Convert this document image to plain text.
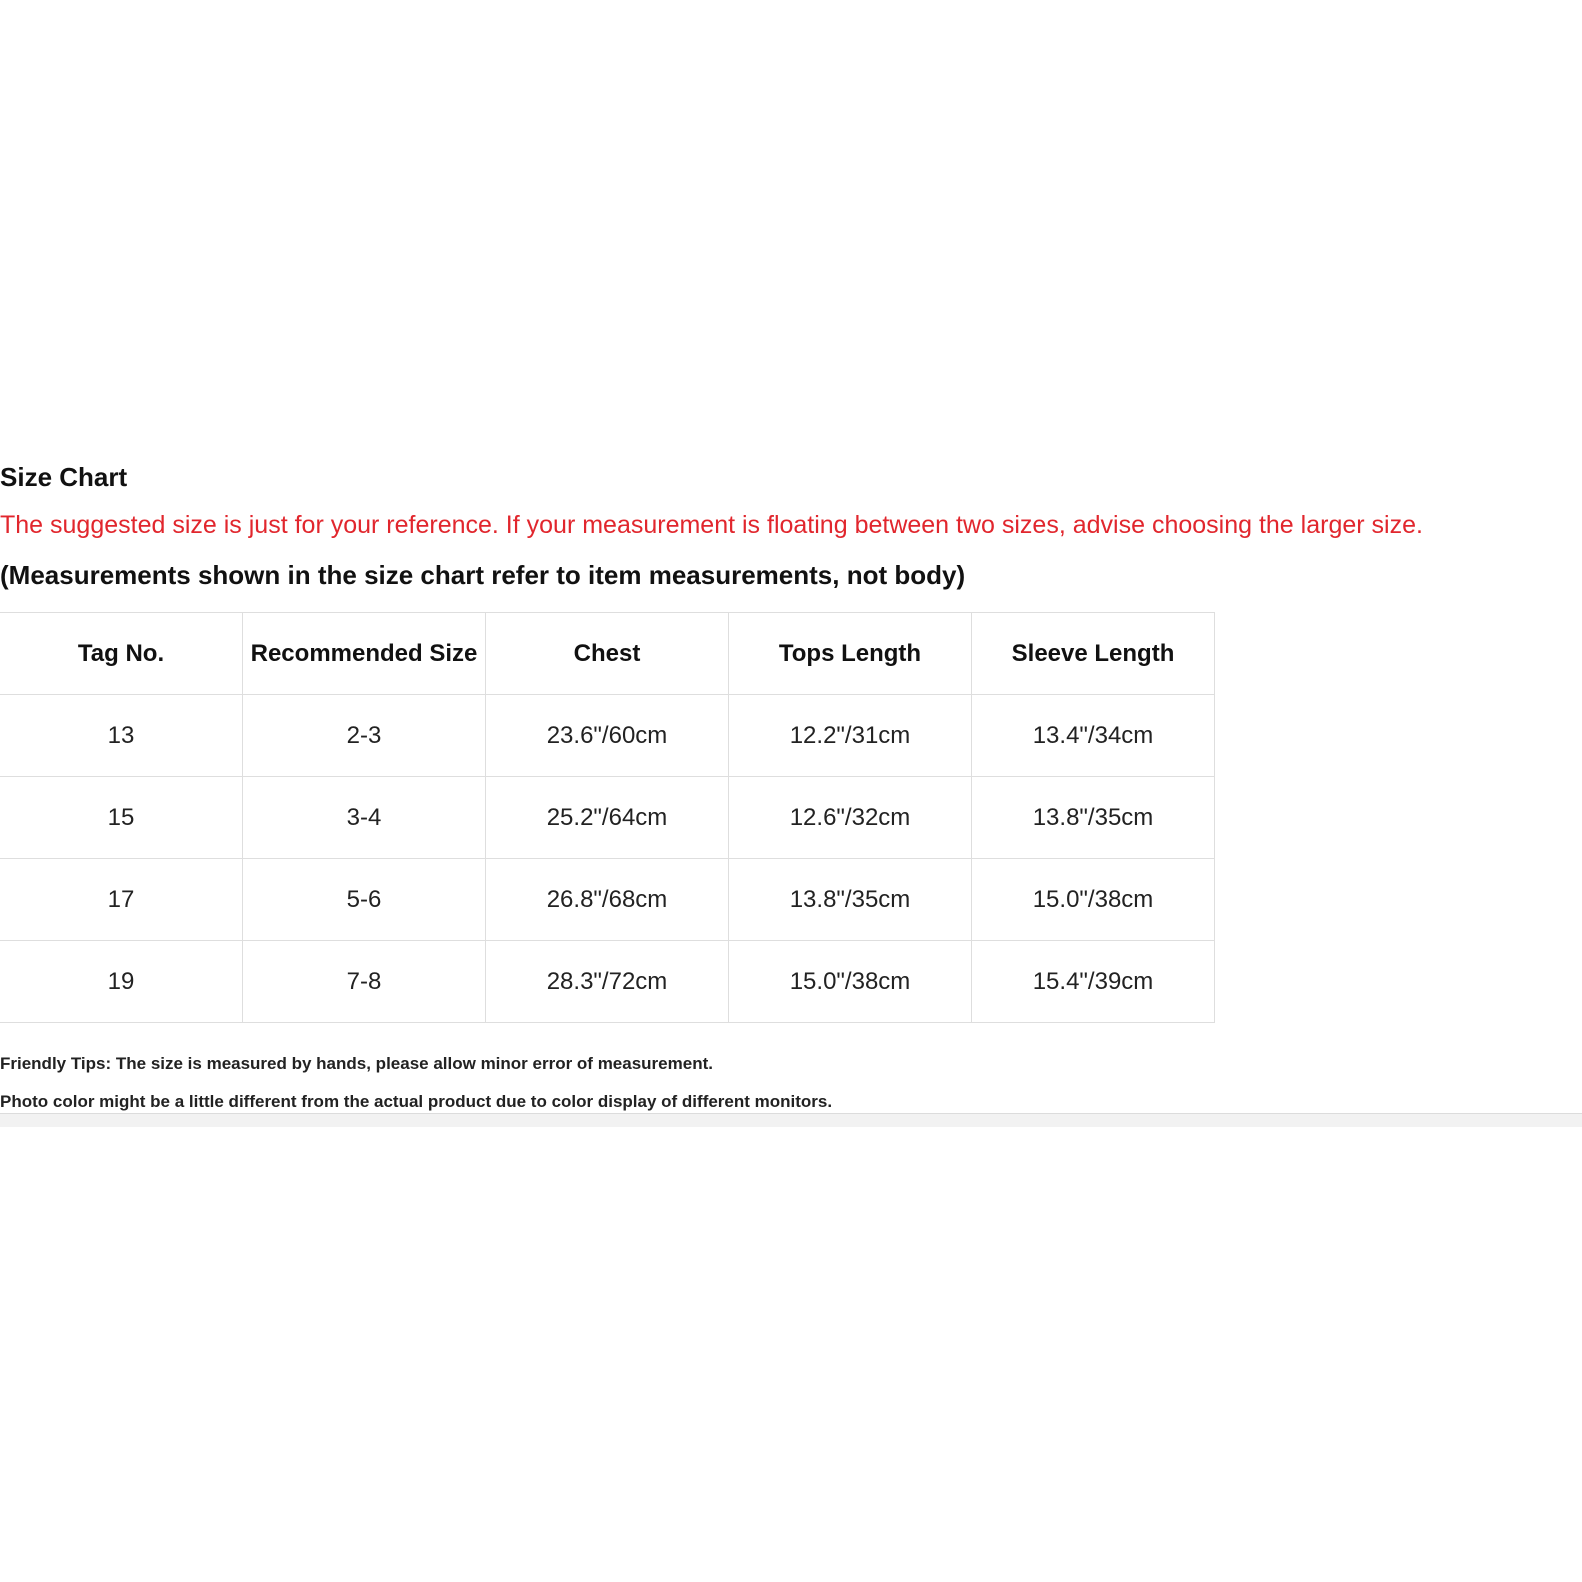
Size Chart
The suggested size is just for your reference. If your measurement is floating between two sizes, advise choosing the larger size.
(Measurements shown in the size chart refer to item measurements, not body)
Tag No.	Recommended Size	Chest	Tops Length	Sleeve Length
13	2-3	23.6"/60cm	12.2"/31cm	13.4"/34cm
15	3-4	25.2"/64cm	12.6"/32cm	13.8"/35cm
17	5-6	26.8"/68cm	13.8"/35cm	15.0"/38cm
19	7-8	28.3"/72cm	15.0"/38cm	15.4"/39cm
Friendly Tips: The size is measured by hands, please allow minor error of measurement.
Photo color might be a little different from the actual product due to color display of different monitors.
